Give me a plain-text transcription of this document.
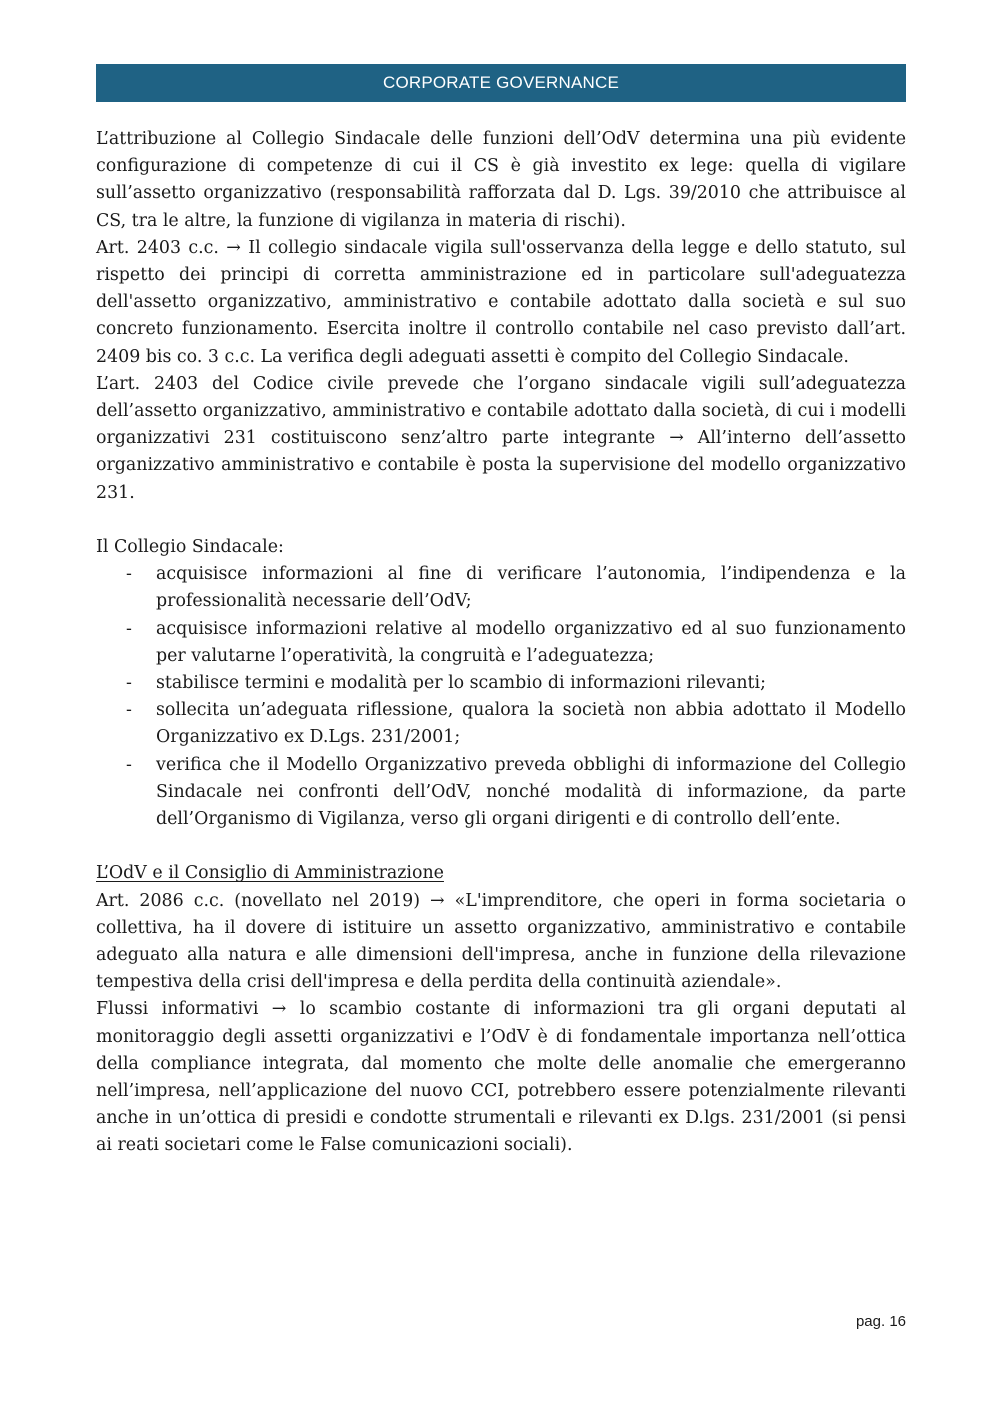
CORPORATE GOVERNANCE

L’attribuzione al Collegio Sindacale delle funzioni dell’OdV determina una più evidente configurazione di competenze di cui il CS è già investito ex lege: quella di vigilare sull’assetto organizzativo (responsabilità rafforzata dal D. Lgs. 39/2010 che attribuisce al CS, tra le altre, la funzione di vigilanza in materia di rischi).

Art. 2403 c.c. → Il collegio sindacale vigila sull'osservanza della legge e dello statuto, sul rispetto dei principi di corretta amministrazione ed in particolare sull'adeguatezza dell'assetto organizzativo, amministrativo e contabile adottato dalla società e sul suo concreto funzionamento. Esercita inoltre il controllo contabile nel caso previsto dall’art. 2409 bis co. 3 c.c. La verifica degli adeguati assetti è compito del Collegio Sindacale.

L’art. 2403 del Codice civile prevede che l’organo sindacale vigili sull’adeguatezza dell’assetto organizzativo, amministrativo e contabile adottato dalla società, di cui i modelli organizzativi 231 costituiscono senz’altro parte integrante → All’interno dell’assetto organizzativo amministrativo e contabile è posta la supervisione del modello organizzativo 231.

Il Collegio Sindacale:

- acquisisce informazioni al fine di verificare l’autonomia, l’indipendenza e la professionalità necessarie dell’OdV;
- acquisisce informazioni relative al modello organizzativo ed al suo funzionamento per valutarne l’operatività, la congruità e l’adeguatezza;
- stabilisce termini e modalità per lo scambio di informazioni rilevanti;
- sollecita un’adeguata riflessione, qualora la società non abbia adottato il Modello Organizzativo ex D.Lgs. 231/2001;
- verifica che il Modello Organizzativo preveda obblighi di informazione del Collegio Sindacale nei confronti dell’OdV, nonché modalità di informazione, da parte dell’Organismo di Vigilanza, verso gli organi dirigenti e di controllo dell’ente.

L’OdV e il Consiglio di Amministrazione

Art. 2086 c.c. (novellato nel 2019) → «L'imprenditore, che operi in forma societaria o collettiva, ha il dovere di istituire un assetto organizzativo, amministrativo e contabile adeguato alla natura e alle dimensioni dell'impresa, anche in funzione della rilevazione tempestiva della crisi dell'impresa e della perdita della continuità aziendale».

Flussi informativi → lo scambio costante di informazioni tra gli organi deputati al monitoraggio degli assetti organizzativi e l’OdV è di fondamentale importanza nell’ottica della compliance integrata, dal momento che molte delle anomalie che emergeranno nell’impresa, nell’applicazione del nuovo CCI, potrebbero essere potenzialmente rilevanti anche in un’ottica di presidi e condotte strumentali e rilevanti ex D.lgs. 231/2001 (si pensi ai reati societari come le False comunicazioni sociali).

pag. 16
